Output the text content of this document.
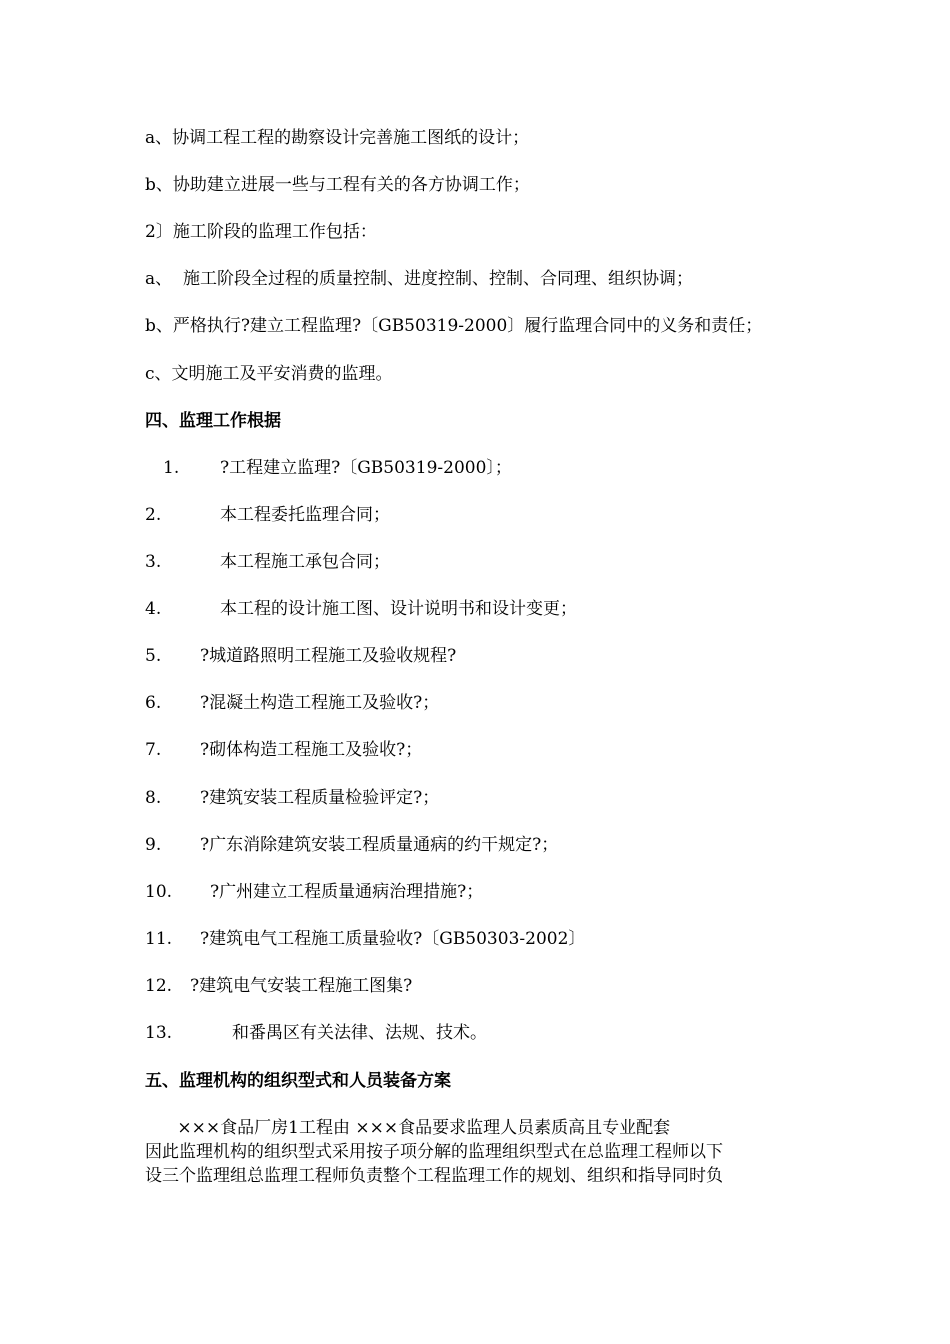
a、协调工程工程的勘察设计完善施工图纸的设计；
b、协助建立进展一些与工程有关的各方协调工作；
2〕施工阶段的监理工作包括：
a、  施工阶段全过程的质量控制、进度控制、控制、合同理、组织协调；
b、严格执行?建立工程监理?〔GB50319-2000〕履行监理合同中的义务和责任；
c、文明施工及平安消费的监理。
四、监理工作根据

1.

?工程建立监理?〔GB50319-2000〕；

2.

	本工程委托监理合同；

3.

	本工程施工承包合同；

4.

	本工程的设计施工图、设计说明书和设计变更；

5.

?城道路照明工程施工及验收规程?

6.

?混凝土构造工程施工及验收?；

7.

?砌体构造工程施工及验收?；

8.

?建筑安装工程质量检验评定?；

9.

?广东消除建筑安装工程质量通病的约干规定?；

10.

?广州建立工程质量通病治理措施?；

11.

?建筑电气工程施工质量验收?〔GB50303-2002〕

12.

?建筑电气安装工程施工图集?

13.

	和番禺区有关法律、法规、技术。

五、监理机构的组织型式和人员装备方案
×××食品厂房1工程由 ×××食品要求监理人员素质高且专业配套
因此监理机构的组织型式采用按子项分解的监理组织型式在总监理工程师以下
设三个监理组总监理工程师负责整个工程监理工作的规划、组织和指导同时负
